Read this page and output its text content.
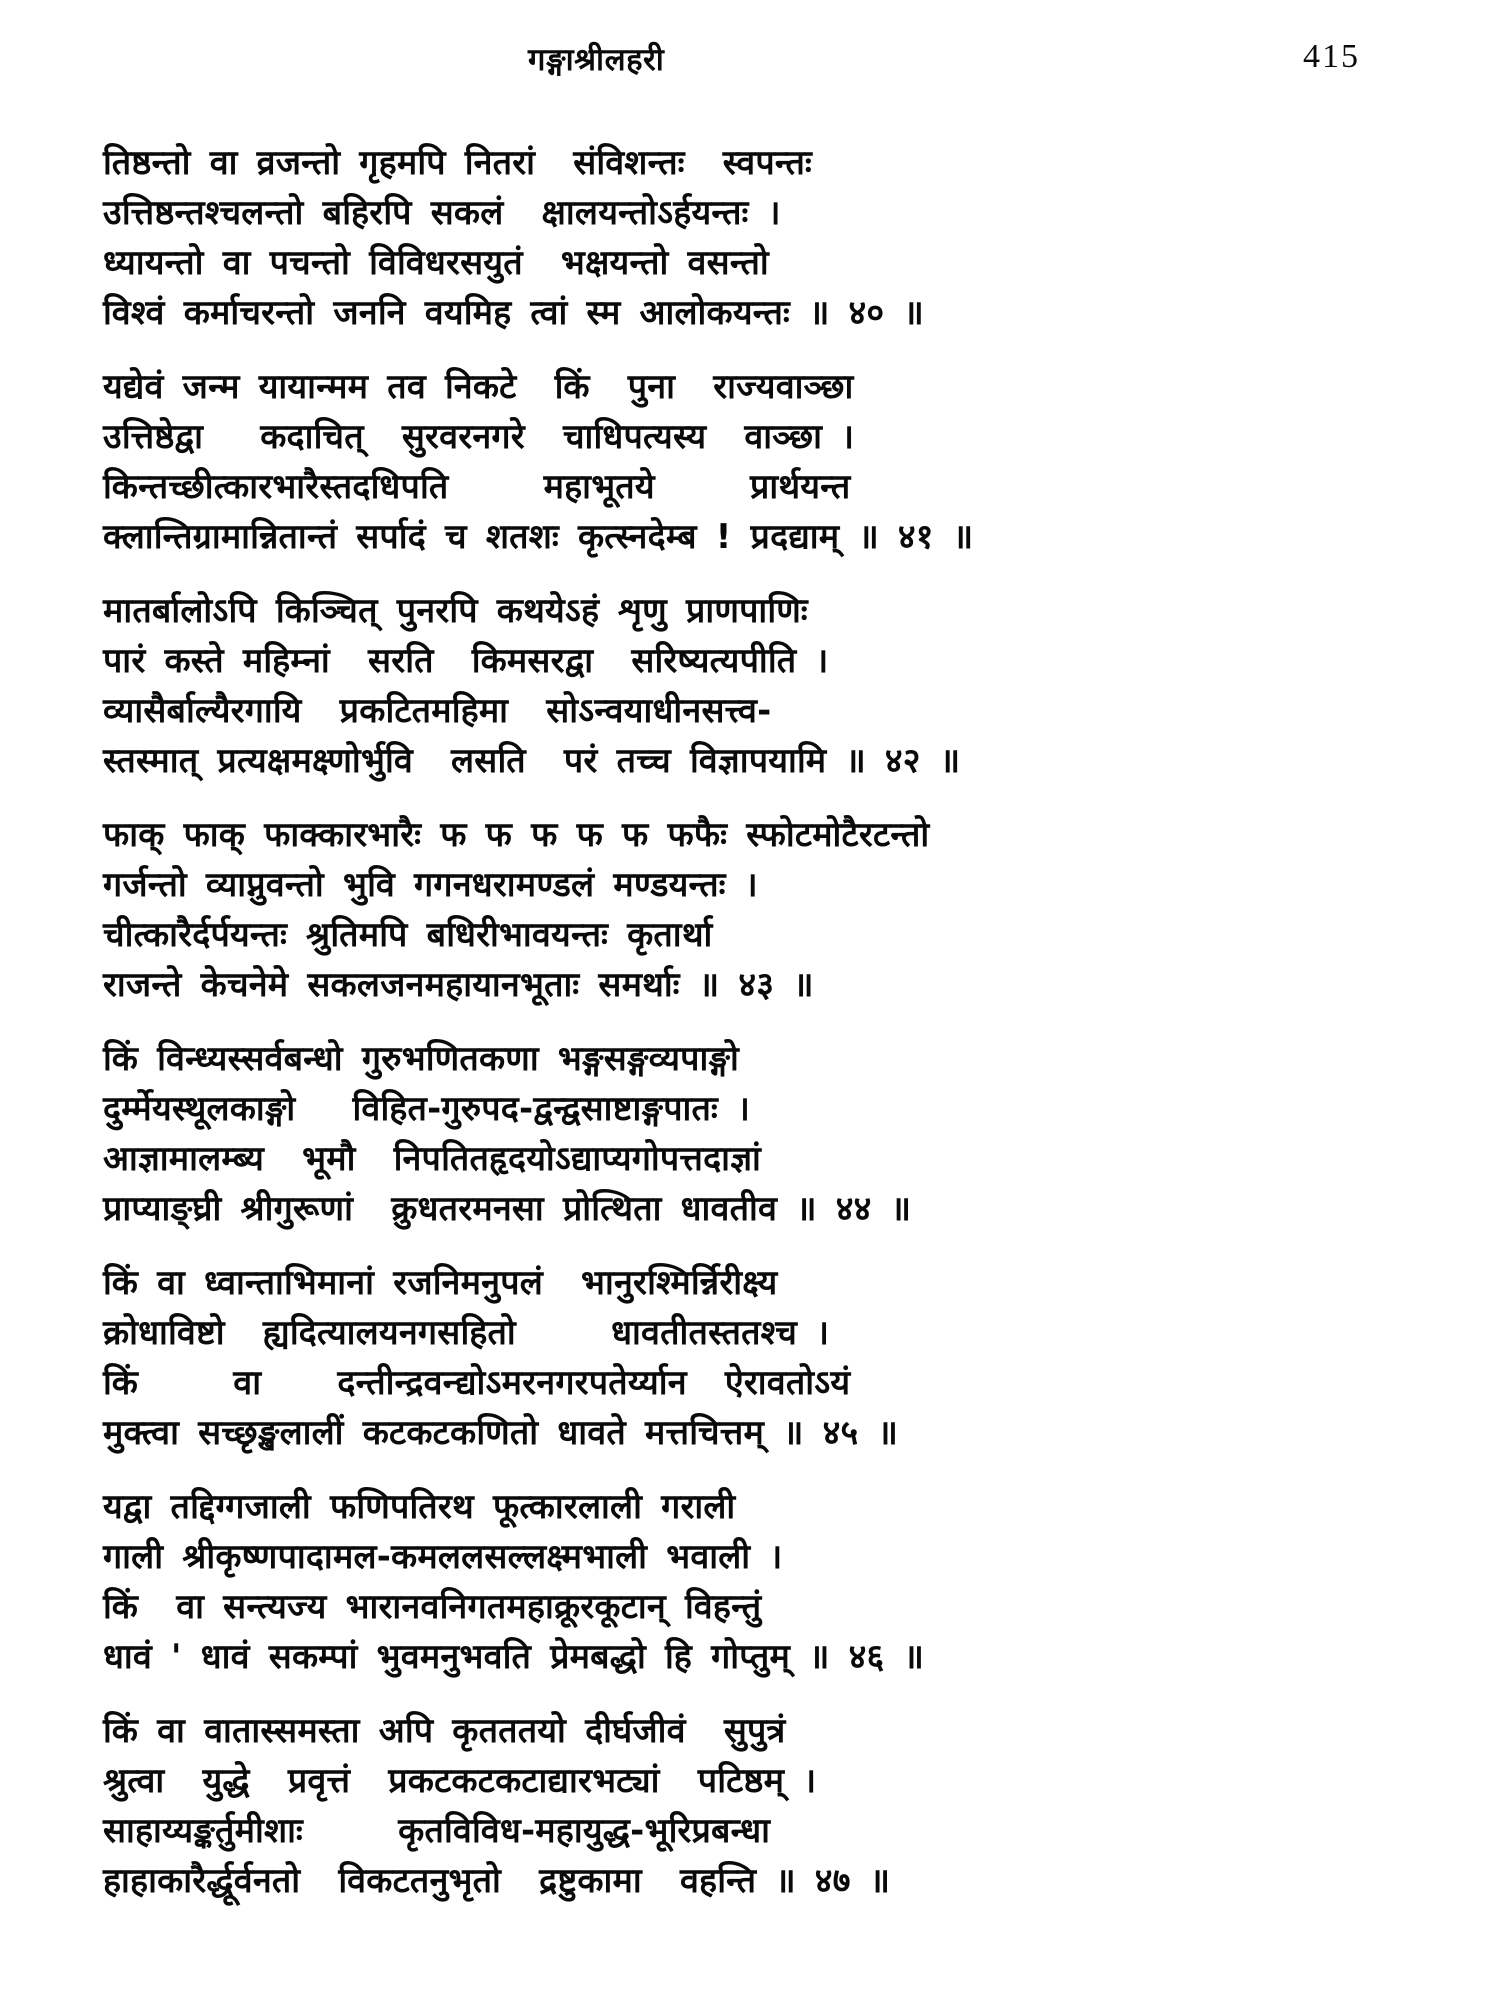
गङ्गाश्रीलहरी	415

तिष्ठन्तो वा व्रजन्तो गृहमपि नितरां  संविशन्तः  स्वपन्तः

उत्तिष्ठन्तश्चलन्तो बहिरपि सकलं  क्षालयन्तोऽर्हयन्तः ।

ध्यायन्तो वा पचन्तो विविधरसयुतं  भक्षयन्तो वसन्तो

विश्वं कर्माचरन्तो जननि वयमिह त्वां स्म आलोकयन्तः ॥ ४० ॥

यद्येवं जन्म यायान्मम तव निकटे  किं  पुना  राज्यवाञ्छा

उत्तिष्ठेद्वा   कदाचित्  सुरवरनगरे  चाधिपत्यस्य  वाञ्छा ।

किन्तच्छीत्कारभारैस्तदधिपति     महाभूतये     प्रार्थयन्त

क्लान्तिग्रामान्नितान्तं सर्पादं च शतशः कृत्स्नदेम्ब ! प्रदद्याम् ॥ ४१ ॥

मातर्बालोऽपि किञ्चित् पुनरपि कथयेऽहं शृणु प्राणपाणिः

पारं कस्ते महिम्नां  सरति  किमसरद्वा  सरिष्यत्यपीति ।

व्यासैर्बाल्यैरगायि  प्रकटितमहिमा  सोऽन्वयाधीनसत्त्व-

स्तस्मात् प्रत्यक्षमक्ष्णोर्भुवि  लसति  परं तच्च विज्ञापयामि ॥ ४२ ॥

फाक् फाक् फाक्कारभारैः फ फ फ फ फ फफैः स्फोटमोटैरटन्तो

गर्जन्तो व्याप्नुवन्तो भुवि गगनधरामण्डलं मण्डयन्तः ।

चीत्कारैर्दर्पयन्तः श्रुतिमपि बधिरीभावयन्तः कृतार्था

राजन्ते केचनेमे सकलजनमहायानभूताः समर्थाः ॥ ४३ ॥

किं विन्ध्यस्सर्वबन्धो गुरुभणितकणा भङ्गसङ्गव्यपाङ्गो

दुर्म्मेयस्थूलकाङ्गो   विहित-गुरुपद-द्वन्द्वसाष्टाङ्गपातः ।

आज्ञामालम्ब्य  भूमौ  निपतितहृदयोऽद्याप्यगोपत्तदाज्ञां

प्राप्याङ्घ्री श्रीगुरूणां  क्रुधतरमनसा प्रोत्थिता धावतीव ॥ ४४ ॥

किं वा ध्वान्ताभिमानां रजनिमनुपलं  भानुरश्मिर्न्निरीक्ष्य

क्रोधाविष्टो  ह्यदित्यालयनगसहितो     धावतीतस्ततश्च ।

किं     वा    दन्तीन्द्रवन्द्योऽमरनगरपतेर्य्यान  ऐरावतोऽयं

मुक्त्वा सच्छृङ्खलालीं कटकटकणितो धावते मत्तचित्तम् ॥ ४५ ॥

यद्वा तद्दिग्गजाली फणिपतिरथ फूत्कारलाली गराली

गाली श्रीकृष्णपादामल-कमललसल्लक्ष्मभाली भवाली ।

किं  वा सन्त्यज्य भारानवनिगतमहाक्रूरकूटान् विहन्तुं

धावं ' धावं सकम्पां भुवमनुभवति प्रेमबद्धो हि गोप्तुम् ॥ ४६ ॥

किं वा वातास्समस्ता अपि कृतततयो दीर्घजीवं  सुपुत्रं

श्रुत्वा  युद्धे  प्रवृत्तं  प्रकटकटकटाद्यारभट्यां  पटिष्ठम् ।

साहाय्यङ्कर्तुमीशाः     कृतविविध-महायुद्ध-भूरिप्रबन्धा

हाहाकारैर्द्धूर्वनतो  विकटतनुभृतो  द्रष्टुकामा  वहन्ति ॥ ४७ ॥
